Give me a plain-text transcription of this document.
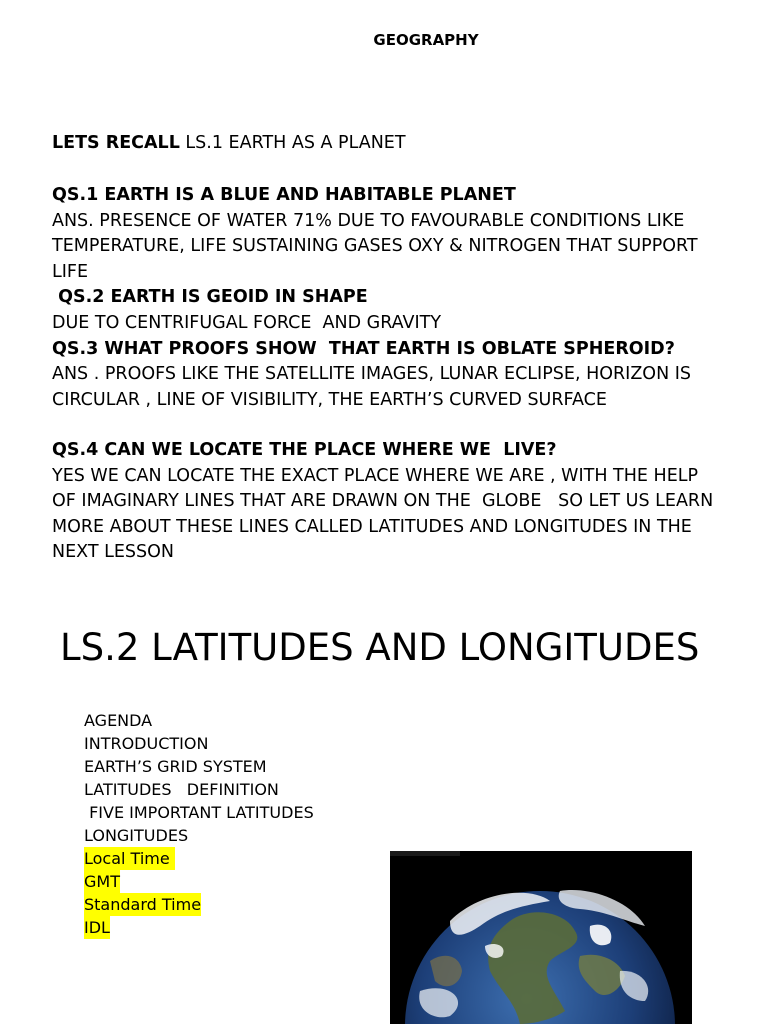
GEOGRAPHY

LETS RECALL LS.1 EARTH AS A PLANET

QS.1 EARTH IS A BLUE AND HABITABLE PLANET

ANS. PRESENCE OF WATER 71% DUE TO FAVOURABLE CONDITIONS LIKE TEMPERATURE, LIFE SUSTAINING GASES OXY & NITROGEN THAT SUPPORT LIFE

QS.2 EARTH IS GEOID IN SHAPE

DUE TO CENTRIFUGAL FORCE  AND GRAVITY

QS.3 WHAT PROOFS SHOW  THAT EARTH IS OBLATE SPHEROID?

ANS . PROOFS LIKE THE SATELLITE IMAGES, LUNAR ECLIPSE, HORIZON IS CIRCULAR , LINE OF VISIBILITY, THE EARTH’S CURVED SURFACE

QS.4 CAN WE LOCATE THE PLACE WHERE WE  LIVE?

YES WE CAN LOCATE THE EXACT PLACE WHERE WE ARE , WITH THE HELP OF IMAGINARY LINES THAT ARE DRAWN ON THE  GLOBE   SO LET US LEARN MORE ABOUT THESE LINES CALLED LATITUDES AND LONGITUDES IN THE NEXT LESSON

LS.2 LATITUDES AND LONGITUDES
AGENDA
INTRODUCTION
EARTH’S GRID SYSTEM
LATITUDES   DEFINITION
FIVE IMPORTANT LATITUDES
LONGITUDES
Local Time
GMT
Standard Time
IDL
